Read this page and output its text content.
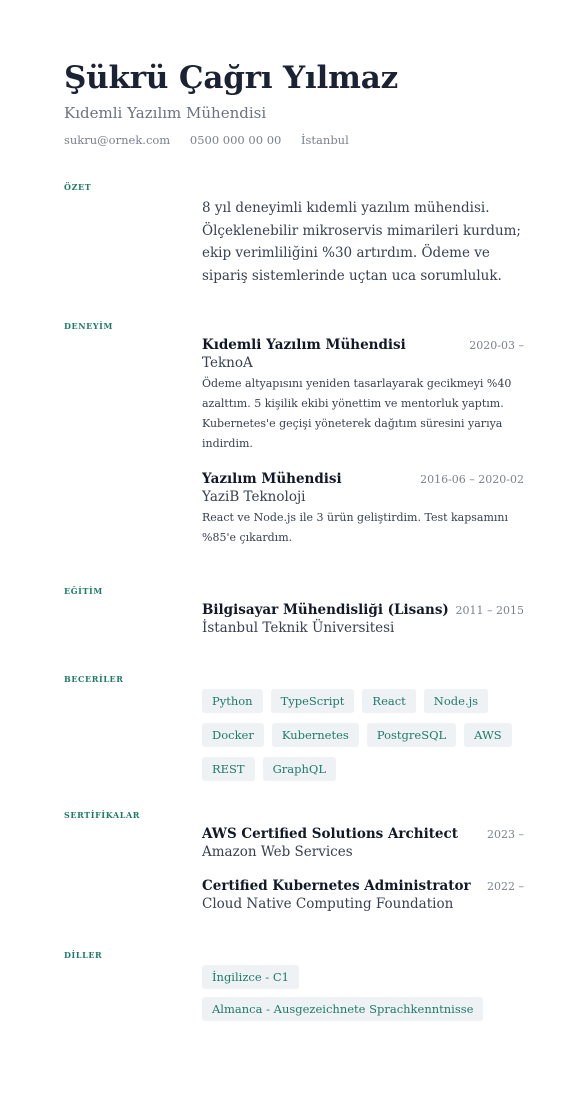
Şükrü Çağrı Yılmaz
Kıdemli Yazılım Mühendisi
sukru@ornek.com 0500 000 00 00 İstanbul
ÖZET
8 yıl deneyimli kıdemli yazılım mühendisi. Ölçeklenebilir mikroservis mimarileri kurdum; ekip verimliliğini %30 artırdım. Ödeme ve sipariş sistemlerinde uçtan uca sorumluluk.
DENEYİM
Kıdemli Yazılım Mühendisi	2020-03 –
TeknoA
Ödeme altyapısını yeniden tasarlayarak gecikmeyi %40 azalttım. 5 kişilik ekibi yönettim ve mentorluk yaptım. Kubernetes'e geçişi yöneterek dağıtım süresini yarıya indirdim.
Yazılım Mühendisi	2016-06 – 2020-02
YaziB Teknoloji
React ve Node.js ile 3 ürün geliştirdim. Test kapsamını %85'e çıkardım.
EĞİTİM
Bilgisayar Mühendisliği (Lisans) 2011 – 2015
İstanbul Teknik Üniversitesi
BECERİLER
Python	TypeScript	React	Node.js
Docker	Kubernetes	PostgreSQL	AWS
REST	GraphQL
SERTİFİKALAR
AWS Certified Solutions Architect	2023 –
Amazon Web Services
Certified Kubernetes Administrator 2022 –
Cloud Native Computing Foundation
DİLLER
İngilizce - C1
Almanca - Ausgezeichnete Sprachkenntnisse
